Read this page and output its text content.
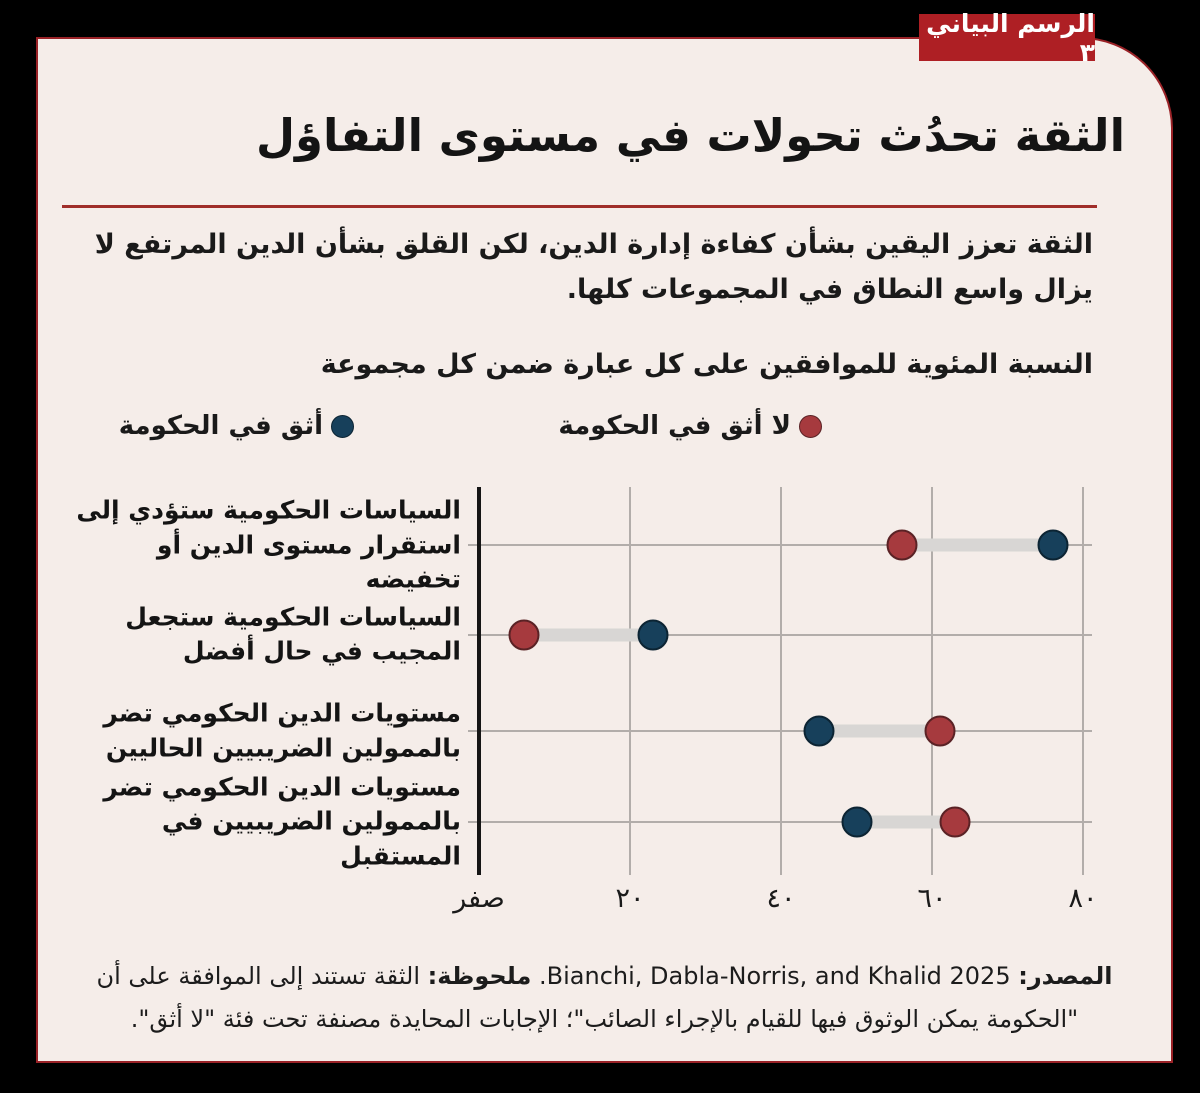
الرسم البياني ٣
الثقة تحدُث تحولات في مستوى التفاؤل
الثقة تعزز اليقين بشأن كفاءة إدارة الدين، لكن القلق بشأن الدين المرتفع لا يزال واسع النطاق في المجموعات كلها.
النسبة المئوية للموافقين على كل عبارة ضمن كل مجموعة
لا أثق في الحكومة
أثق في الحكومة
السياسات الحكومية ستؤدي إلى استقرار مستوى الدين أو تخفيضه
السياسات الحكومية ستجعل المجيب في حال أفضل
مستويات الدين الحكومي تضر بالممولين الضريبيين الحاليين
مستويات الدين الحكومي تضر بالممولين الضريبيين في المستقبل
صفر	٢٠	٤٠	٦٠	٨٠
المصدر: Bianchi, Dabla-Norris, and Khalid 2025. ملحوظة: الثقة تستند إلى الموافقة على أن "الحكومة يمكن الوثوق فيها للقيام بالإجراء الصائب"؛ الإجابات المحايدة مصنفة تحت فئة "لا أثق".
